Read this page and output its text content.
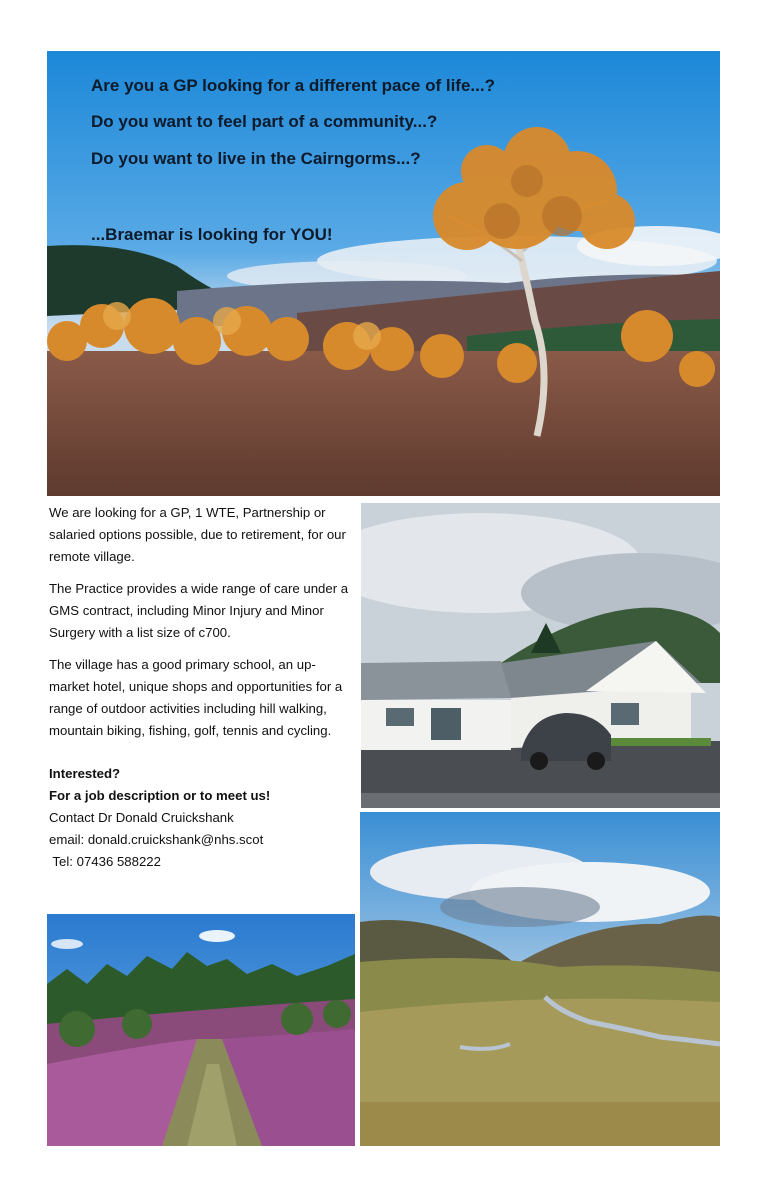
Are you a GP looking for a different pace of life...?

Do you want to feel part of a community...?

Do you want to live in the Cairngorms...?

...Braemar is looking for YOU!

We are looking for a GP, 1 WTE, Partnership or salaried options possible, due to retirement, for our remote village.

The Practice provides a wide range of care under a GMS contract, including Minor Injury and Minor Surgery with a list size of c700.

The village has a good primary school, an up-market hotel, unique shops and opportunities for a range of outdoor activities including hill walking, mountain biking, fishing, golf, tennis and cycling.

Interested?

For a job description or to meet us!

Contact Dr Donald Cruickshank

email: donald.cruickshank@nhs.scot

Tel: 07436 588222
